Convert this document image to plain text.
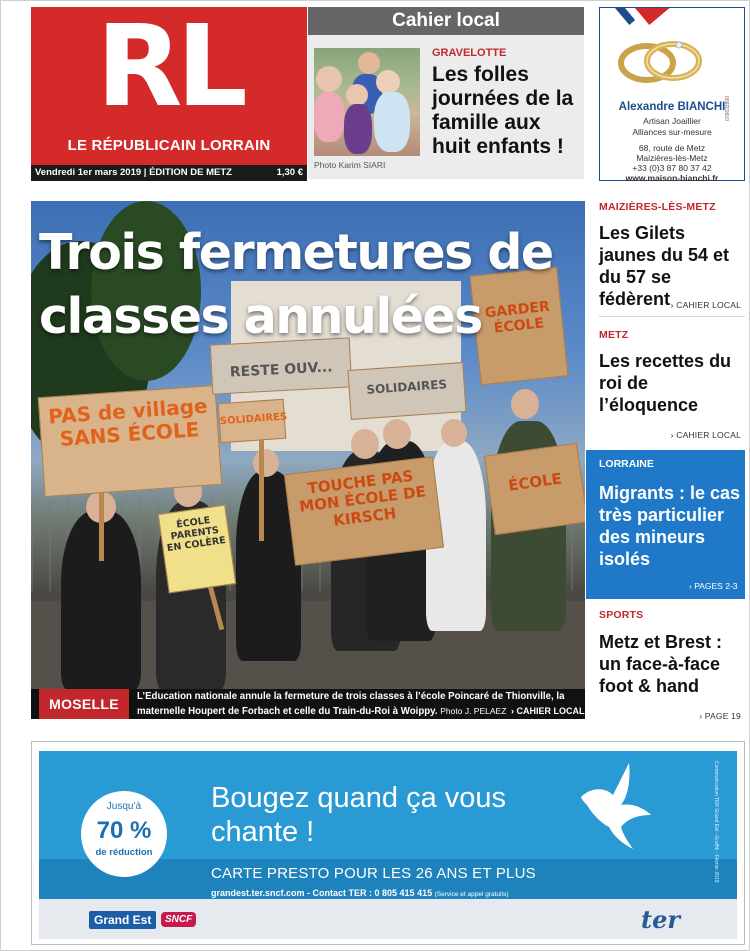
RL
LE RÉPUBLICAIN LORRAIN
Vendredi 1er mars 2019 | ÉDITION DE METZ	1,30 €
Cahier local
Photo Karim SIARI
GRAVELOTTE
Les folles journées de la famille aux huit enfants !
Alexandre BIANCHI
Artisan Joaillier
Alliances sur-mesure
68, route de Metz
Maizières-lès-Metz
+33 (0)3 87 80 37 42
www.maison-bianchi.fr
078632800
PAS de village SANS ÉCOLE
TOUCHE PAS MON ÉCOLE DE KIRSCH
ÉCOLE PARENTS EN COLÈRE
RESTE OUV...
SOLIDAIRES
SOLIDAIRES
GARDER ÉCOLE
ÉCOLE
Trois fermetures de classes annulées
MOSELLE	L’Education nationale annule la fermeture de trois classes à l’école Poincaré de Thionville, la maternelle Houpert de Forbach et celle du Train-du-Roi à Woippy. Photo J. PELAEZ › CAHIER LOCAL
MAIZIÈRES-LÈS-METZ
Les Gilets jaunes du 54 et du 57 se fédèrent › CAHIER LOCAL
METZ
Les recettes du roi de l’éloquence
› CAHIER LOCAL
LORRAINE
Migrants : le cas très particulier des mineurs isolés
› PAGES 2-3
SPORTS
Metz et Brest : un face-à-face foot & hand
› PAGE 19
Jusqu’à
70 %
de réduction
Bougez quand ça vous chante !
CARTE PRESTO POUR LES 26 ANS ET PLUS
grandest.ter.sncf.com - Contact TER : 0 805 415 415 (Service et appel gratuits)
Communication TER Grand Est - Graffiti - Février 2019
Grand Est	SNCF	ter
